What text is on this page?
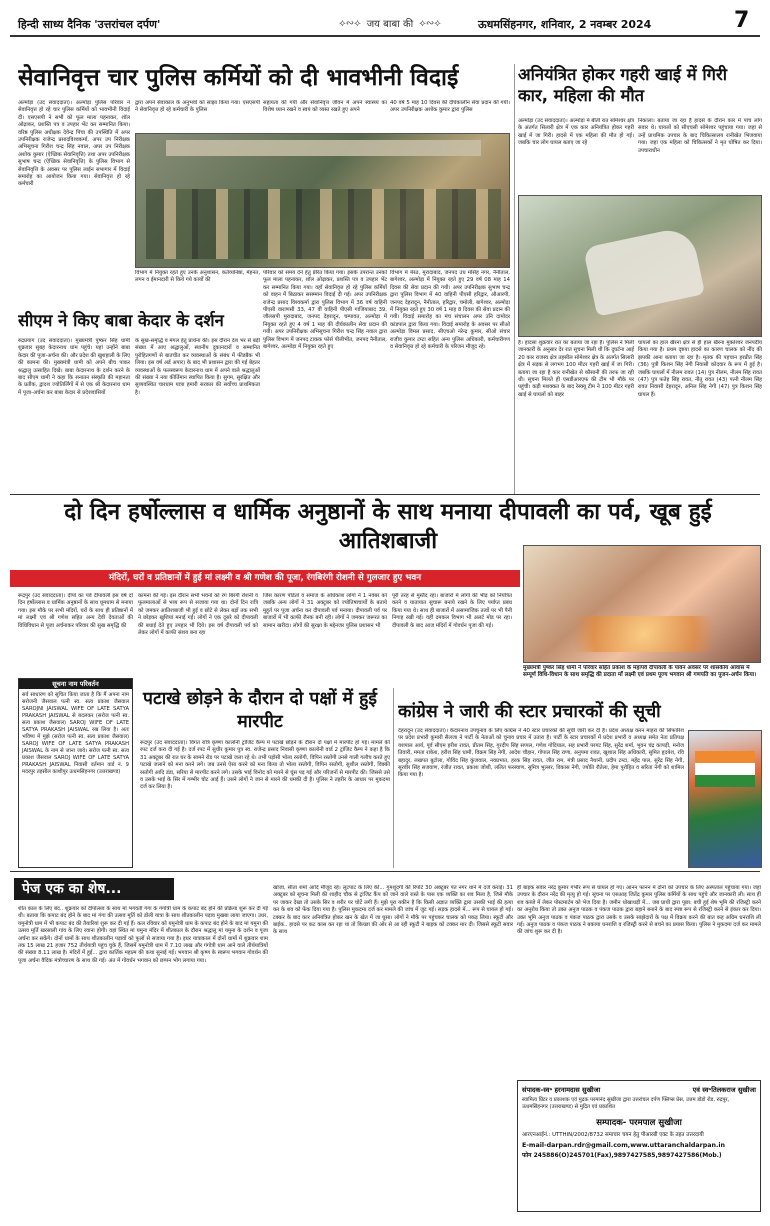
हिन्दी साध्य दैनिक 'उत्तरांचल दर्पण'	⟡∾⟡ जय बाबा की ⟡∾⟡	ऊधमसिंहनगर, शनिवार, 2 नवम्बर 2024	7
सेवानिवृत्त चार पुलिस कर्मियों को दी भावभीनी विदाई
अल्मोड़ा (उद संवाददाता)। अल्मोड़ा पुलिस परिवार ने सेवानिवृत्त हो रहे चार पुलिस कर्मियों को भावभीनी विदाई दी। एसएसपी ने सभी को फूल माला पहनाकर, शॉल ओढ़ाकर, प्रशस्ति पत्र व उपहार भेंट कर सम्मानित किया। वरिष्ठ पुलिस अधीक्षक देवेन्द्र पिंचा की उपस्थिति में अपर उपनिरीक्षक राजेन्द्र प्रसादविश्वकर्मा, अपर उप निरीक्षक अभिसूचना गिरीश चन्द्र सिंह नवाल, अपर उप निरीक्षक अशोक कुमार (ऐच्छिक सेवानिवृत्ति) तथा अपर उपनिरीक्षक सुभाष चन्द्र (ऐच्छिक सेवानिवृत्ति) के पुलिस विभाग से सेवानिवृत्ति के अवसर पर पुलिस लाईन सभागार में विदाई समारोह का आयोजन किया गया। सेवानिवृत्त हो रहे कर्मचारी
द्वारा अपने सेवाकाल के अनुभवों को साझा किया गया। एसएसपी ने सेवानिवृत्त हो रहे कर्मचारी के पुलिस
सहायता की गयी और सेवानिवृत्त जीवन में अपने स्वास्थ्य का विशेष ध्यान रखने व स्वयं को व्यस्त रखते हुए अपने
40 वर्ष 5 माह 10 दिवस की दीर्घकालीन सेवा प्रदान की गयी। अपर उपनिरीक्षक अशोक कुमार द्वारा पुलिस
विभाग में नियुक्त रहते हुए उनके अनुशासन, कर्तव्यनिष्ठा, मेहनत, लगन व ईमानदारी से किये गये कार्यों की
परिवार को समय देने हेतु प्रेरित किया गया। इसके उपरान्त उनको फूल माला पहनाकर, शॉल ओढ़ाकर, प्रशस्ति पत्र व उपहार भेंट कर सम्मानित किया गया। वहाँ सेवानिवृत्त हो रहे पुलिस कर्मियों को वाहन में बिठाकर ससम्मान विदाई दी गई। अपर उपनिरीक्षक राजेन्द्र प्रसाद विश्वकर्मा द्वारा पुलिस विभाग में 36 वर्ष वाहिनी पीएसी वाराणसी 33, 47 वीं वाहिनी पीएसी गाजियाबाद 39, जौलसपी मुरादाबाद, जनपद देहरादून, चम्पावत, अल्मोड़ा में नियुक्त रहते हुए 4 वर्ष 1 माह की दीर्घकालीन सेवा प्रदान की गयी। अपर उपनिरीक्षक अभिसूचना गिरीश चन्द्र सिंह नवाल द्वारा पुलिस विभाग में जनपद टाकक फोर्स पीलीभीत, जनपद नैनीताल, बागेश्वर, अल्मोड़ा में नियुक्त रहते हुए
विभाग में मेरठ, मुरादाबाद, जनपद उध मसिंह नगर, नैनीताल, बागेश्वर, अल्मोड़ा में नियुक्त रहते हुए 29 वर्ष 08 माह 14 दिवस की सेवा प्रदान की गयी। अपर उपनिरीक्षक सुभाष चन्द्र द्वारा पुलिस विभाग में 40 वाहिनी पीएसी हरिद्वार, औआरपी, जनपद देहरादून, नैनीताल, हरिद्वार, चमोली, बागेश्वर, अल्मोड़ा में नियुक्त रहते हुए 30 वर्ष 1 माह 8 दिवस की सेवा प्रदान की गयी। विदाई समारोह का मंच संचालन अपर उनि दामोदर कांडपाल द्वारा किया गया। विदाई समारोह के अवसर पर सीओ अल्मोड़ा विमल प्रसाद, सीएचओ नरेन्द्र कुमार, सीओ संचार राजीव कुमार टम्टा सहित अन्य पुलिस अधिकारी, कर्मचारीगण व सेवानिवृत्त हो रहे कर्मचारी के परिजन मौजूद रहे।
सीएम ने किए बाबा केदार के दर्शन
रुद्रप्रयाग (उद संवाददाता)। मुख्यमंत्री पुष्कर सिंह धामी शुक्रवार सुबह केदारनाथ धाम पहुंचे। यहां उन्होंने बाबा केदार की पूजा-अर्चना की। और प्रदेश की खुशहाली के लिए की कामना की। मुख्यमंत्री धामी को अपने बीच पाकर श्रद्धालु उत्साहित दिखे। बाबा केदारनाथ के दर्शन करने के बाद सीएम धामी ने कहा कि सनातन संस्कृति की महानता के प्रतीक, द्वादश ज्योतिर्लिंगों में से एक श्री केदारनाथ धाम में पूजा-अर्चना कर बाबा केदार से प्रदेशवासियों
के सुख-समृद्धि व मंगल हेतु प्रार्थना की। इस दौरान देश भर से बड़ी संख्या में आए श्रद्धालुओं, स्थानीय दुकानदारों व सम्मानित पुरोहितगणों से बातचीत कर व्यवस्थाओं के संबंध में फीडबैक भी लिया। इस वर्ष अर्ड अपार) के बाद भी प्रशासन द्वारा की गई बेहतर व्यवस्थाओं के फलस्वरूप केदारनाथ धाम में अपने वाले श्रद्धालुओं की संख्या ने नया कीर्तिमान स्थापित किया है। सुगम, सुरक्षित और सुव्यवस्थित चारधाम यात्रा हमारी सरकार की सर्वोच्च प्राथमिकता है।
अनियंत्रित होकर गहरी खाई में गिरी कार, महिला की मौत
अल्मोड़ा (उद संवाददाता)। अल्मोड़ा में बीती रात सोमेश्वर क्षेत्र के अंतर्गत सिलारी क्षेत्र में एक कार अनियंत्रित होकर गहरी खाई में जा गिरी। हादसे में एक महिला की मौत हो गई। जबकि चार लोग घायल बताए जा रहे
निकाला। बताया जा रहा है हादसे के दौरान कार में पांच लोग सवार थे। घायलों को सीएचसी सोमेश्वर पहुंचाया गया। जहां से उन्हें प्राथमिक उपचार के बाद चिकित्सालय रानीखेत भिजवाया गया। जहां एक महिला को चिकित्सकों ने मृत घोषित कर दिया। उपचाराधीन
हैं। हादसा शुक्रवार रात का बताया जा रहा है। पुलिस ने मिली जानकारी के अनुसार देर रात सूचना मिली थी कि दुघर्टना आई 20 कार राजस्व क्षेत्र तहसील सोमेश्वर क्षेत्र के अंतर्गत सिलारी क्षेत्र में सड़क से लगभग 100 मीटर गहरी खाई में जा गिरी। बताया जा रहा है कार रानीखेत से कौसानी की तरफ जा रही थी। सूचना मिलते ही एसडीआरएफ की टीम भी मौके पर पहुंची। कड़ी मशक्कत के बाद रेस्क्यू टीम ने 100 मीटर गहरी खाई से घायलों को बाहर
घायलों का हाल खैरना क्षेत्र से ही हाल खैरना मुक्तेश्वर जनपदीय किया गया है। प्रथम दृष्टया हादसे का कारण चालक को नींद की झपकी आना बताया जा रहा है। मृतक की पहचान हरप्रीत सिंह (36) पुत्री किशन सिंह नेगी निवासी कोदवार के रूप में हुई है। जबकि घायलों में नीलम रावत (14) पुत्र नीलम, नीलम सिंह रावत (47) पुत्र फतेह सिंह रावत, नीतू रावत (43) पत्नी नीलम सिंह रावत निवासी देहरादून, अनिल सिंह नेगी (47) पुत्र किशन सिंह घायल हैं।
दो दिन हर्षोल्लास व धार्मिक अनुष्ठानों के साथ मनाया दीपावली का पर्व, खूब हुई आतिशबाजी
मंदिरों, घरों व प्रतिष्ठानों में हुई मां लक्ष्मी व श्री गणेश की पूजा, रंगबिरंगी रोशनी से गुलजार हुए भवन
रूद्रपुर (उद संवाददाता)। दीपों का पर्व दीपावली इस वर्ष दो दिन हर्षोल्लास व धार्मिक अनुष्ठानों के साथ धूमधाम से मनाया गया। इस मौके पर सभी मंदिरों, घरों के साथ ही प्रतिष्ठानों में मां लक्ष्मी एवं श्री गणेश सहित अन्य देवी देवताओं की विधिविधान से पूजा अर्चनाकर परिवार की सुख समृद्धि की
कामना की गई। इस दौरान सभी भवनों को रंग बिरंगी रोशनी व फूलमालाओं से भव्य रूप से सजाया गया था। दोनों दिन रात्रि को जमकर आतिशबाजी भी हुई व छोटे से लेकर बड़ों तक सभी ने छोड़कर खुशियां मनाई गईं। लोगों ने एक दूसरे को दीपावली की बधाई देते हुए उपहार भी दिये। इस वर्ष दीपावली पर्व को लेकर लोगों में काफी संशय बना रहा
जिस कारण पंडितों व समाज के अधिकांश लोगों ने 1 नवंबर को जबकि अन्य लोगों ने 31 अक्टूबर को ज्योतिषाचार्यों के बताये मुहूर्त पर पूजा अर्चना कर दीपावली पर्व मनाया। दीपावली पर्व पर बाजारों में भी काफी रौनक बनी रही। लोगों ने जमकर जरूरत का सामान खरीदा। लोगों की सुरक्षा के मद्देनजर पुलिस प्रशासन भी
पूरी तरह से मुस्तैद रहा। बाजारों में लोगों की भीड़ को नियंत्रित करने व यातायात सुचारू बनाये रखने के लिए पर्याप्त प्रबंध किया गया थे। साथ ही बाजारों में असामाजिक तत्वों पर भी पैनी निगाह रखी गई। वहीं दमकल विभाग भी अलर्ट मोड पर रहा। दीपावली के बाद आज मंदिरों में गोवर्धन पूजा की गई।
मुख्यमंत्री पुष्कर सिंह धामी ने परिवार सहित प्रकाश के महापर्व दीपावली के पावन अवसर पर शासकीय आवास में सम्पूर्ण विधि-विधान के साथ समृद्धि की प्रदाता माँ लक्ष्मी एवं प्रथम पूज्य भगवान श्री गणपति का पूजन-अर्चन किया।
सूचना नाम परिवर्तन
सर्व साधारण को सूचित किया जाता है कि मैं अपना नाम सरोजनी जैसवाल पत्नी स्व. सत्य प्रकाश जैसवाल SAROJNI JAISWAL WIFE OF LATE SATYA PRAKASH JAISWAL से बदलकर (सरोज पत्नी स्व. सत्य प्रकाश जैसवाल) SAROJ WIFE OF LATE SATYA PRAKASH JAISWAL रख लिया है। अतः भविष्य में मुझे (सरोज पत्नी स्व. सत्य प्रकाश जैसवाल) SAROJ WIFE OF LATE SATYA PRAKASH JAISWAL के नाम से जाना जाये। सरोज पत्नी स्व. सत्य प्रकाश जैसवाल SAROJ WIFE OF LATE SATYA PRAKASH JAISWAL निवासी वर्तमान वार्ड नं. 9 मदरपुर तहसील काशीपुर ऊधमसिंहनगर (उत्तराखण्ड)
पटाखे छोड़ने के दौरान दो पक्षों में हुई मारपीट
रूद्रपुर (उद संवाददाता)। विगत रात्रि कृष्णा कालोनी ट्रांजिट कैम्प में पटाखे छोड़ने के दौरान दो पक्षों में मारपीट हो गई। मामले की रपट दर्ज करा दी गई है। दर्ज रपट में सुधीर कुमार पुत्र स्व. राजेन्द्र प्रसाद निवासी कृष्णा कालोनी वार्ड 2 ट्रांजिट कैम्प ने कहा है कि 31 अक्टूबर की रात घर के सामने रोड पर पटाखे जला रहे थे। तभी पड़ोसी भोला रस्तोगी, विपिन रस्तोगी उनसे गाली गलौच करते हुए पटाखे जलाने को मना करने लगे। जब उनसे ऐसा करने को मना किया तो भोला रस्तोगी, विपिन रस्तोगी, सुशील रस्तोगी, विक्की रस्तोगी आदि डंडा, सरिया से मारपीट करने लगे। उसके भाई विनोद को मारने से घूंस पड़ गई और परिजनों से मारपीट की। जिससे उसे व उसके भाई के सिर में गम्भीर चोट आई हैं। उसने लोगों ने जान से मारने की धमकी दी है। पुलिस ने तहरीर के आधार पर मुकदमा दर्ज कर लिया है।
कांग्रेस ने जारी की स्टार प्रचारकों की सूची
देहरादून (उद संवाददाता)। केदारनाथ उपचुनाव के लिए कांग्रेस ने 40 स्टार प्रचारकों की सूची जारी कर दी है। प्रदेश अध्यक्ष करन माहरा की सिफारिश पर प्रदेश प्रभारी कुमारी सैलजा ने पार्टी के नेताओं को चुनाव प्रचार में उतारा है। पार्टी के स्टार प्रचारकों में प्रदेश प्रभारी व अध्यक्ष समेत नेता प्रतिपक्ष यशपाल आर्य, पूर्व सीएम हरीश रावत, प्रीतम सिंह, गुरदीप सिंह सप्पल, गणेश गोदियाल, सह प्रभारी परगट सिंह, सुरेंद्र शर्मा, भुवन चंद्र कापड़ी, मनोज तिवारी, ममता राकेश, हरीश सिंह धामी, विक्रम सिंह नेगी, आदेश चौहान, गोपाल सिंह राणा, अनुपमा रावत, खुशाल सिंह अधिकारी, सुमित हृदयेश, रवि बहादुर, लखपत बुटोला, गोविंद सिंह कुंजवाल, नवप्रभात, हरक सिंह रावत, जीत राम, मंत्री प्रसाद नैथानी, प्रदीप टम्टा, महेंद्र पाल, सुरेंद्र सिंह नेगी, सूरवीर सिंह सजवाण, रंजीत रावत, प्रकाश जोशी, ललित फरस्वाण, सुमित्र भुल्लर, विकास नेगी, ज्योति रौतेला, हेमा पुरोहित व सरिता नेगी को शामिल किया गया है।
पेज एक का शेष...
शीत काल के लिए बंद.. शुक्रवार को दीपोत्सव के साथ मां भगवती गंगा के गंगोत्री धाम के कपाट बंद होने की प्रक्रिया शुरू कर दी गई थी। बताया कि कपाट बंद होने के बाद मां गंगा की उत्सव मूर्ति को डोली यात्रा के साथ शीतकालीन पड़ाव मुखबा लाया जाएगा। उधर, यमुनोत्री धाम में भी कपाट बंद की तैयारियां शुरू कर दी गई हैं। कल रविवार को यमुनोत्री धाम के कपाट बंद होने के बाद मां यमुना की उत्सव मूर्ति खरसाली गांव के लिए रवाना होगी। वहां स्थित मां यमुना मंदिर में शीतकाल के दौरान श्रद्धालु मां यमुना के दर्शन व पूजा अर्चना कर सकेंगे। दोनों धामों के साथ शीतकालीन पड़ावों को फूलों से सजाया गया है। इधर यात्राकाल में दोनों धामों में शुक्रवार शाम तक 15 लाख 21 हजार 752 तीर्थयात्री पहुंच चुके हैं, जिसमें यमुनोत्री धाम में 7.10 लाख और गंगोत्री धाम आने वाले तीर्थयात्रियों की संख्या 8.11 लाख है। मंदिरों में हुई... द्वारा कार्तिक महात्म की कथा सुनाई गई। भगवान श्री कृष्ण के स्वरूप भगवान गोवर्धन की पूजा अर्चना वैदिक मंत्रोच्चारण के साथ की गई। अंत में गोवर्धन भगवान को छप्पन भोग लगाया गया।
खोजा, सीता शर्मा आदि मौजूद रहे। लूटपाट के लिए की... गुमशुदगी की रिपोर्ट 30 अक्टूबर पंत नगर थाने में दर्ज कराई। 31 अक्टूबर को सूचना मिली की शाहीद चौक से ट्रांजिट कैंप को जाने वाले रास्ते के पास एक व्यक्ति का शव मिला है, जिसे मौके पर जाकर देखा तो उसके सिर व शरीर पर चोटें लगी हैं। मुझे पूरा यकीन है कि किसी अज्ञात व्यक्ति द्वारा उसकी भाई की हत्या कर के शव को फेंक दिया गया है। पुलिस मुकदमा दर्ज कर मामले की जांच में जुट गई। सड़क हादसे में... रूप से घायल हो गई। टक्कर के बाद कार अनियंत्रित होकर खन के खेत में जा घुसा। लोगों ने मौके पर पहुंचकर चालक को पकड़ लिया। स्कूटी और बाईक.. हादसे पर कट कास कर रहा था तो किच्छा की ओर से आ रही स्कूटी ने बाइक को टक्कर मार दी। जिससे स्कूटी सवार के साथ
ही बाइक सवार नरेंद्र कुमार गंभीर रूप से घायल हो गए। आनन फानन में दोनों को उपचार के लिए अस्पताल पहुंचाया गया। जहां उपचार के दौरान नरेंद्र की मृत्यु हो गई। सूचना पर एसआइ जितेंद्र कुमार पुलिस कर्मियों के साथ पहुंचे और जानकारी ली। साथ ही शव कब्जे में लेकर पोस्टमार्टम को भेज दिया है। जमीन धोखाधड़ी में... जब प्राथी द्वारा पूछा: बची हुई शेष भूमि की रजिस्ट्री करने का अनुरोध किया तो उक्त अनुज पाठक व पंकज पाठक द्वारा बहाने बनाने के बाद स्पष्ट रूप से रजिस्ट्री करने से इंकार कर दिया। उक्त भूमि अनुज पाठक व पंकज पाठक द्वारा उसके व उसके साझेदारों के पक्ष में विक्रय करने की बात कह अग्रिम धनराशि ली गई। अनुज पाठक व पंकज पाठक ने बकाया धनराशि व रजिस्ट्री करने से बचने का प्रयास किया। पुलिस ने मुकदमा दर्ज कर मामले की जांच शुरू कर दी है।
संपादक-स्व॰ हरनामदास सुखीजा	एवं स्व॰तिलकराज सुखीजा
स्वामित्व प्रिंटर व प्रकाशक एवं मुद्रक परमानंद सुखीजा द्वारा उत्तरांचल दर्पण फ्लिप्स प्रेस, उत्तम डोडो रोड, रुद्रपुर, ऊधमसिंहनगर (उत्तराखण्ड) से मुद्रित एवं प्रकाशित
सम्पादक- परमपाल सुखीजा
आरएनआईनं.: UTTHIN/2002/8732 समाचार चयन हेतु पीआरबी एक्ट के तहत उत्तरदायी
E-mail-darpan.rdr@gmail.com,www.uttaranchaldarpan.in
फोन 245886(O)245701(Fax),9897427585,9897427586(Mob.)
